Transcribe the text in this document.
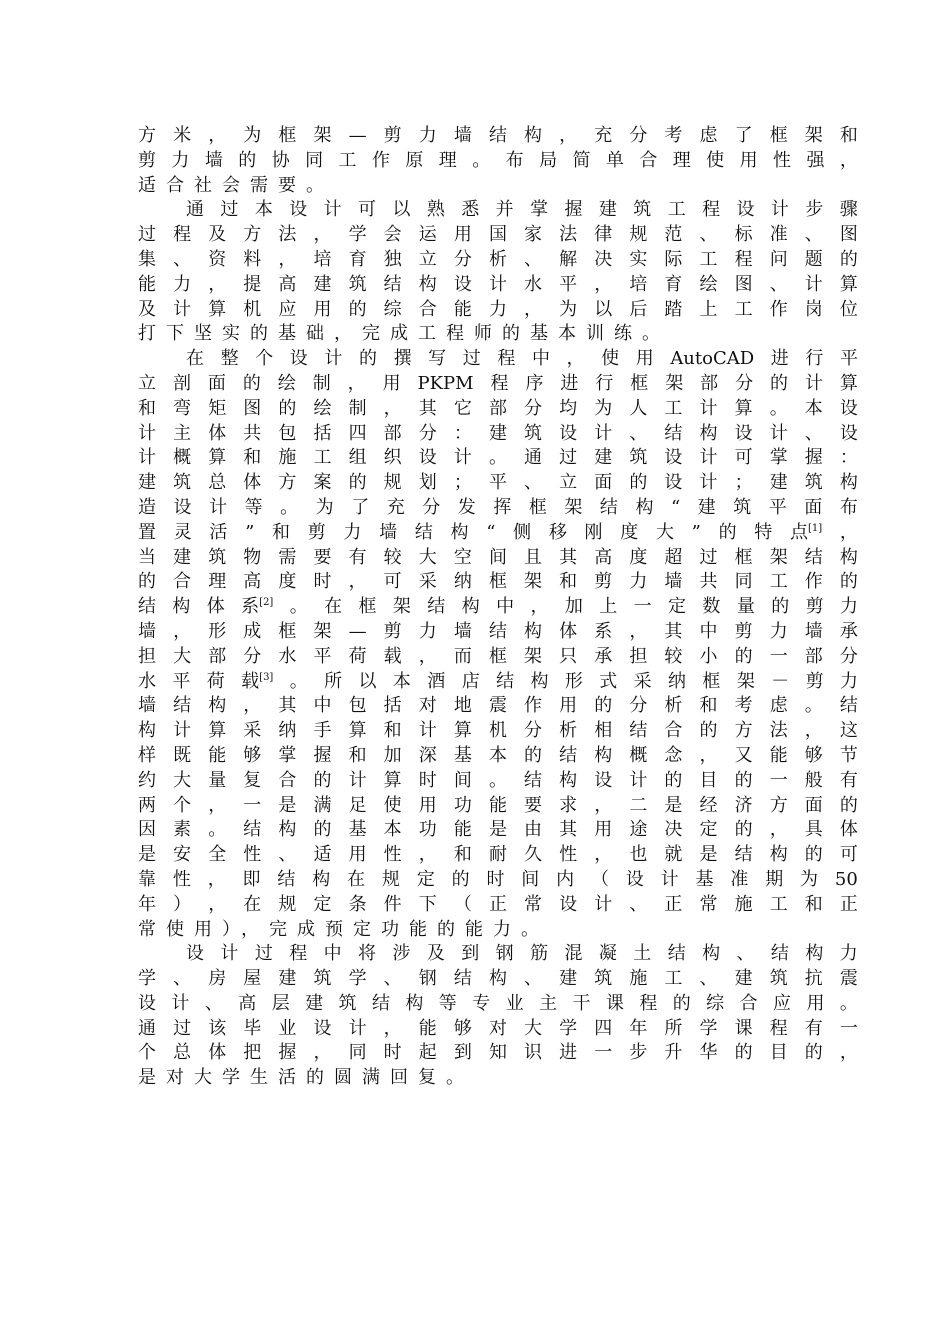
方 米 ， 为 框 架 — 剪 力 墙 结 构 ， 充 分 考 虑 了 框 架 和
剪 力 墙 的 协 同 工 作 原 理 。 布 局 简 单 合 理 使 用 性 强 ，
适合社会需要。
通 过 本 设 计 可 以 熟 悉 并 掌 握 建 筑 工 程 设 计 步 骤
过 程 及 方 法 ， 学 会 运 用 国 家 法 律 规 范 、 标 准 、 图
集 、 资 料 ， 培 育 独 立 分 析 、 解 决 实 际 工 程 问 题 的
能 力 ， 提 高 建 筑 结 构 设 计 水 平 ， 培 育 绘 图 、 计 算
及 计 算 机 应 用 的 综 合 能 力 ， 为 以 后 踏 上 工 作 岗 位
打下坚实的基础，完成工程师的基本训练。
在 整 个 设 计 的 撰 写 过 程 中 ， 使 用 AutoCAD 进 行 平
立 剖 面 的 绘 制 ， 用 PKPM 程 序 进 行 框 架 部 分 的 计 算
和 弯 矩 图 的 绘 制 ， 其 它 部 分 均 为 人 工 计 算 。 本 设
计 主 体 共 包 括 四 部 分 ： 建 筑 设 计 、 结 构 设 计 、 设
计 概 算 和 施 工 组 织 设 计 。 通 过 建 筑 设 计 可 掌 握 ：
建 筑 总 体 方 案 的 规 划 ； 平 、 立 面 的 设 计 ； 建 筑 构
造 设 计 等 。 为 了 充 分 发 挥 框 架 结 构 “ 建 筑 平 面 布
置 灵 活 ” 和 剪 力 墙 结 构 “ 侧 移 刚 度 大 ” 的 特 点[1] ，
当 建 筑 物 需 要 有 较 大 空 间 且 其 高 度 超 过 框 架 结 构
的 合 理 高 度 时 ， 可 采 纳 框 架 和 剪 力 墙 共 同 工 作 的
结 构 体 系[2] 。 在 框 架 结 构 中 ， 加 上 一 定 数 量 的 剪 力
墙 ， 形 成 框 架 — 剪 力 墙 结 构 体 系 ， 其 中 剪 力 墙 承
担 大 部 分 水 平 荷 载 ， 而 框 架 只 承 担 较 小 的 一 部 分
水 平 荷 载[3] 。 所 以 本 酒 店 结 构 形 式 采 纳 框 架 － 剪 力
墙 结 构 ， 其 中 包 括 对 地 震 作 用 的 分 析 和 考 虑 。 结
构 计 算 采 纳 手 算 和 计 算 机 分 析 相 结 合 的 方 法 ， 这
样 既 能 够 掌 握 和 加 深 基 本 的 结 构 概 念 ， 又 能 够 节
约 大 量 复 合 的 计 算 时 间 。 结 构 设 计 的 目 的 一 般 有
两 个 ， 一 是 满 足 使 用 功 能 要 求 ， 二 是 经 济 方 面 的
因 素 。 结 构 的 基 本 功 能 是 由 其 用 途 决 定 的 ， 具 体
是 安 全 性 、 适 用 性 ， 和 耐 久 性 ， 也 就 是 结 构 的 可
靠 性 ， 即 结 构 在 规 定 的 时 间 内 （ 设 计 基 准 期 为 50
年 ） ， 在 规 定 条 件 下 （ 正 常 设 计 、 正 常 施 工 和 正
常使用），完成预定功能的能力。
设 计 过 程 中 将 涉 及 到 钢 筋 混 凝 土 结 构 、 结 构 力
学 、 房 屋 建 筑 学 、 钢 结 构 、 建 筑 施 工 、 建 筑 抗 震
设 计 、 高 层 建 筑 结 构 等 专 业 主 干 课 程 的 综 合 应 用 。
通 过 该 毕 业 设 计 ， 能 够 对 大 学 四 年 所 学 课 程 有 一
个 总 体 把 握 ， 同 时 起 到 知 识 进 一 步 升 华 的 目 的 ，
是对大学生活的圆满回复。
